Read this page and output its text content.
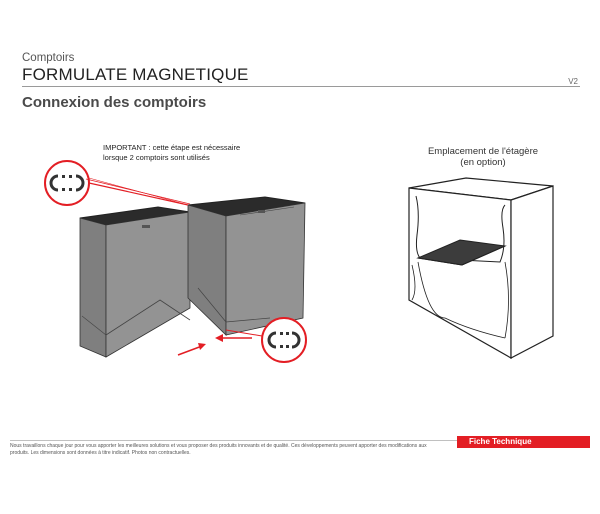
Comptoirs
FORMULATE MAGNETIQUE	V2
Connexion des comptoirs
IMPORTANT : cette étape est nécessaire
lorsque 2 comptoirs sont utilisés	Emplacement de l'étagère
(en option)
Nous travaillons chaque jour pour vous apporter les meilleures solutions et vous proposer des produits innovants et de qualité. Ces développements peuvent apporter des modifications aux
produits. Les dimensions sont données à titre indicatif. Photos non contractuelles.
Fiche Technique
